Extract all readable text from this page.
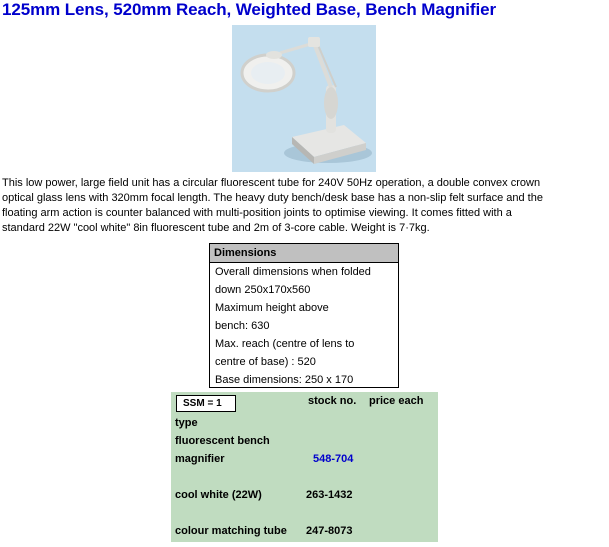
125mm Lens, 520mm Reach, Weighted Base, Bench Magnifier
This low power, large field unit has a circular fluorescent tube for 240V 50Hz operation, a double convex crown
optical glass lens with 320mm focal length. The heavy duty bench/desk base has a non-slip felt surface and the
floating arm action is counter balanced with multi-position joints to optimise viewing. It comes fitted with a
standard 22W "cool white" 8in fluorescent tube and 2m of 3-core cable. Weight is 7·7kg.
Dimensions
Overall dimensions when folded
down 250x170x560
Maximum height above
bench: 630
Max. reach (centre of lens to
centre of base) : 520
Base dimensions: 250 x 170
SSM = 1	stock no. price each
type
fluorescent bench
magnifier	548-704
cool white (22W)	263-1432
colour matching tube 247-8073
